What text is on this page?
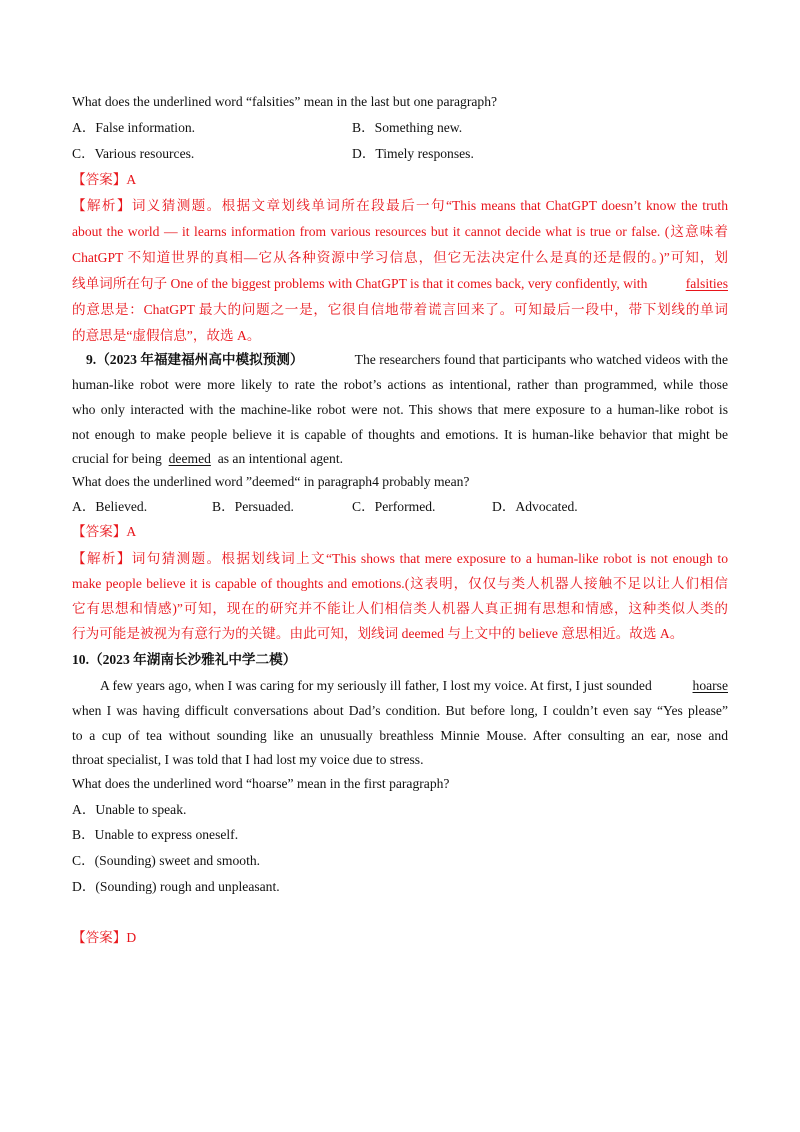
What does the underlined word “falsities” mean in the last but one paragraph?
A．False information.	B．Something new.
C．Various resources.	D．Timely responses.
【答案】A
【解析】词义猜测题。根据文章划线单词所在段最后一句“This means that ChatGPT doesn’t know the truth
about the world — it learns information from various resources but it cannot decide what is true or false. (这意味着
ChatGPT 不知道世界的真相—它从各种资源中学习信息，但它无法决定什么是真的还是假的。)”可知，划
线单词所在句子 One of the biggest problems with ChatGPT is that it comes back, very confidently, with	falsities
的意思是：ChatGPT 最大的问题之一是，它很自信地带着谎言回来了。可知最后一段中，带下划线的单词
的意思是“虚假信息”，故选 A。
9.（2023 年福建福州高中模拟预测）	The researchers found that participants who watched videos with the
human-like robot were more likely to rate the robot’s actions as intentional, rather than programmed, while those
who only interacted with the machine-like robot were not. This shows that mere exposure to a human-like robot is
not enough to make people believe it is capable of thoughts and emotions. It is human-like behavior that might be
crucial for being deemed as an intentional agent.
What does the underlined word ”deemed“ in paragraph4 probably mean?
A．Believed.	B．Persuaded.	C．Performed.	D．Advocated.
【答案】A
【解析】词句猜测题。根据划线词上文“This shows that mere exposure to a human-like robot is not enough to
make people believe it is capable of thoughts and emotions.(这表明，仅仅与类人机器人接触不足以让人们相信
它有思想和情感)”可知，现在的研究并不能让人们相信类人机器人真正拥有思想和情感，这种类似人类的
行为可能是被视为有意行为的关键。由此可知，划线词 deemed 与上文中的 believe 意思相近。故选 A。
10.（2023 年湖南长沙雅礼中学二模）
A few years ago, when I was caring for my seriously ill father, I lost my voice. At first, I just sounded	hoarse
when I was having difficult conversations about Dad’s condition. But before long, I couldn’t even say “Yes please”
to a cup of tea without sounding like an unusually breathless Minnie Mouse. After consulting an ear, nose and
throat specialist, I was told that I had lost my voice due to stress.
What does the underlined word “hoarse” mean in the first paragraph?
A．Unable to speak.
B．Unable to express oneself.
C．(Sounding) sweet and smooth.
D．(Sounding) rough and unpleasant.
【答案】D
